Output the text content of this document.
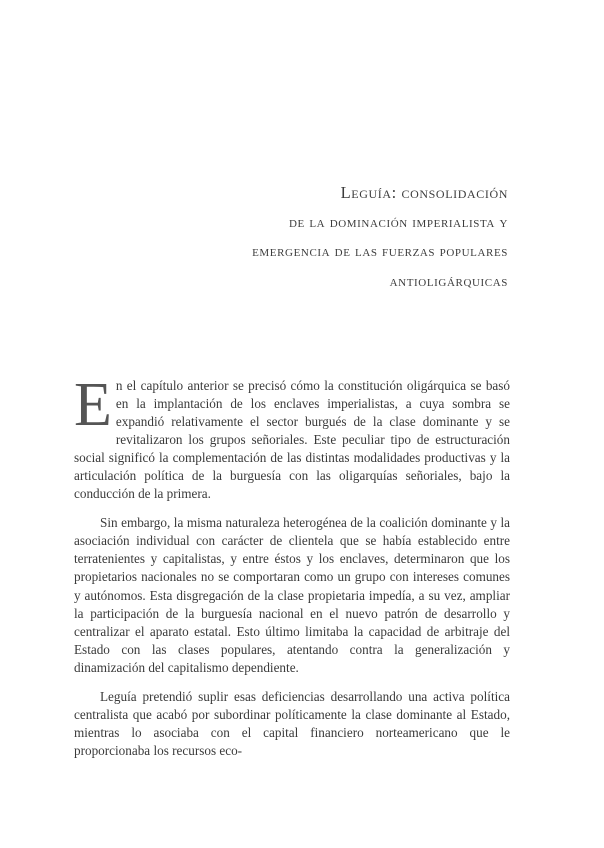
Leguía: consolidación
de la dominación imperialista y
emergencia de las fuerzas populares
antioligárquicas

En el capítulo anterior se precisó cómo la constitución oligárquica se basó en la implantación de los enclaves imperialistas, a cuya sombra se expandió relativamente el sector burgués de la clase dominante y se revitalizaron los grupos señoriales. Este peculiar tipo de estructuración social significó la complementación de las distintas modalidades productivas y la articulación política de la burguesía con las oligarquías señoriales, bajo la conducción de la primera.

Sin embargo, la misma naturaleza heterogénea de la coalición dominante y la asociación individual con carácter de clientela que se había establecido entre terratenientes y capitalistas, y entre éstos y los enclaves, determinaron que los propietarios nacionales no se comportaran como un grupo con intereses comunes y autónomos. Esta disgregación de la clase propietaria impedía, a su vez, ampliar la participación de la burguesía nacional en el nuevo patrón de desarrollo y centralizar el aparato estatal. Esto último limitaba la capacidad de arbitraje del Estado con las clases populares, atentando contra la generalización y dinamización del capitalismo dependiente.

Leguía pretendió suplir esas deficiencias desarrollando una activa política centralista que acabó por subordinar políticamente la clase dominante al Estado, mientras lo asociaba con el capital financiero norteamericano que le proporcionaba los recursos eco-
